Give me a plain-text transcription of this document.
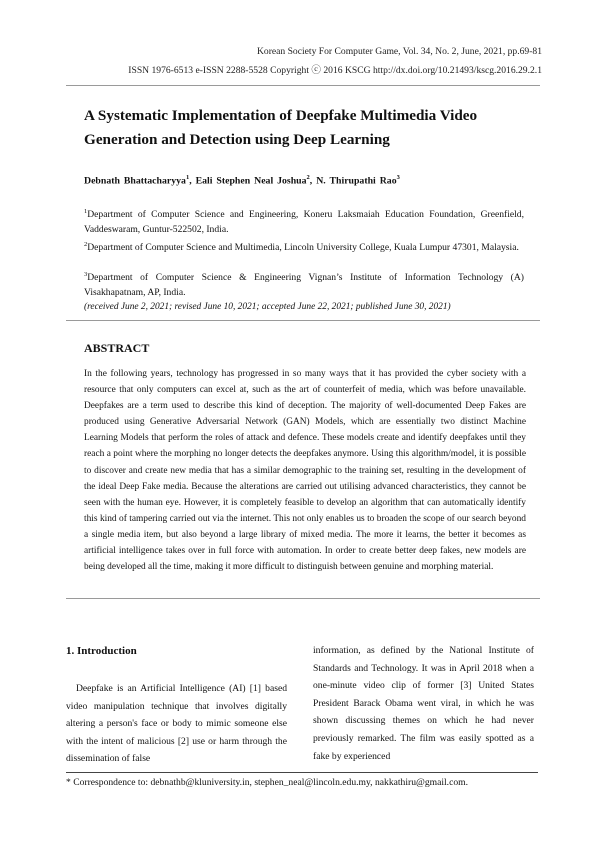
Korean Society For Computer Game, Vol. 34, No. 2, June, 2021, pp.69-81
ISSN 1976-6513 e-ISSN 2288-5528 Copyright ⓒ 2016 KSCG http://dx.doi.org/10.21493/kscg.2016.29.2.1
A Systematic Implementation of Deepfake Multimedia Video Generation and Detection using Deep Learning
Debnath Bhattacharyya$^1$, Eali Stephen Neal Joshua$^2$, N. Thirupathi Rao$^3$
$^1$Department of Computer Science and Engineering, Koneru Laksmaiah Education Foundation, Greenfield, Vaddeswaram, Guntur-522502, India.
$^2$Department of Computer Science and Multimedia, Lincoln University College, Kuala Lumpur 47301, Malaysia.
$^3$Department of Computer Science & Engineering Vignan’s Institute of Information Technology (A) Visakhapatnam, AP, India.
(received June 2, 2021; revised June 10, 2021; accepted June 22, 2021; published June 30, 2021)
ABSTRACT
In the following years, technology has progressed in so many ways that it has provided the cyber society with a resource that only computers can excel at, such as the art of counterfeit of media, which was before unavailable. Deepfakes are a term used to describe this kind of deception. The majority of well-documented Deep Fakes are produced using Generative Adversarial Network (GAN) Models, which are essentially two distinct Machine Learning Models that perform the roles of attack and defence. These models create and identify deepfakes until they reach a point where the morphing no longer detects the deepfakes anymore. Using this algorithm/model, it is possible to discover and create new media that has a similar demographic to the training set, resulting in the development of the ideal Deep Fake media. Because the alterations are carried out utilising advanced characteristics, they cannot be seen with the human eye. However, it is completely feasible to develop an algorithm that can automatically identify this kind of tampering carried out via the internet. This not only enables us to broaden the scope of our search beyond a single media item, but also beyond a large library of mixed media. The more it learns, the better it becomes as artificial intelligence takes over in full force with automation. In order to create better deep fakes, new models are being developed all the time, making it more difficult to distinguish between genuine and morphing material.
1. Introduction
Deepfake is an Artificial Intelligence (AI) [1] based video manipulation technique that involves digitally altering a person's face or body to mimic someone else with the intent of malicious [2] use or harm through the dissemination of false
information, as defined by the National Institute of Standards and Technology. It was in April 2018 when a one-minute video clip of former [3] United States President Barack Obama went viral, in which he was shown discussing themes on which he had never previously remarked. The film was easily spotted as a fake by experienced
* Correspondence to: debnathb@kluniversity.in, stephen_neal@lincoln.edu.my, nakkathiru@gmail.com.
